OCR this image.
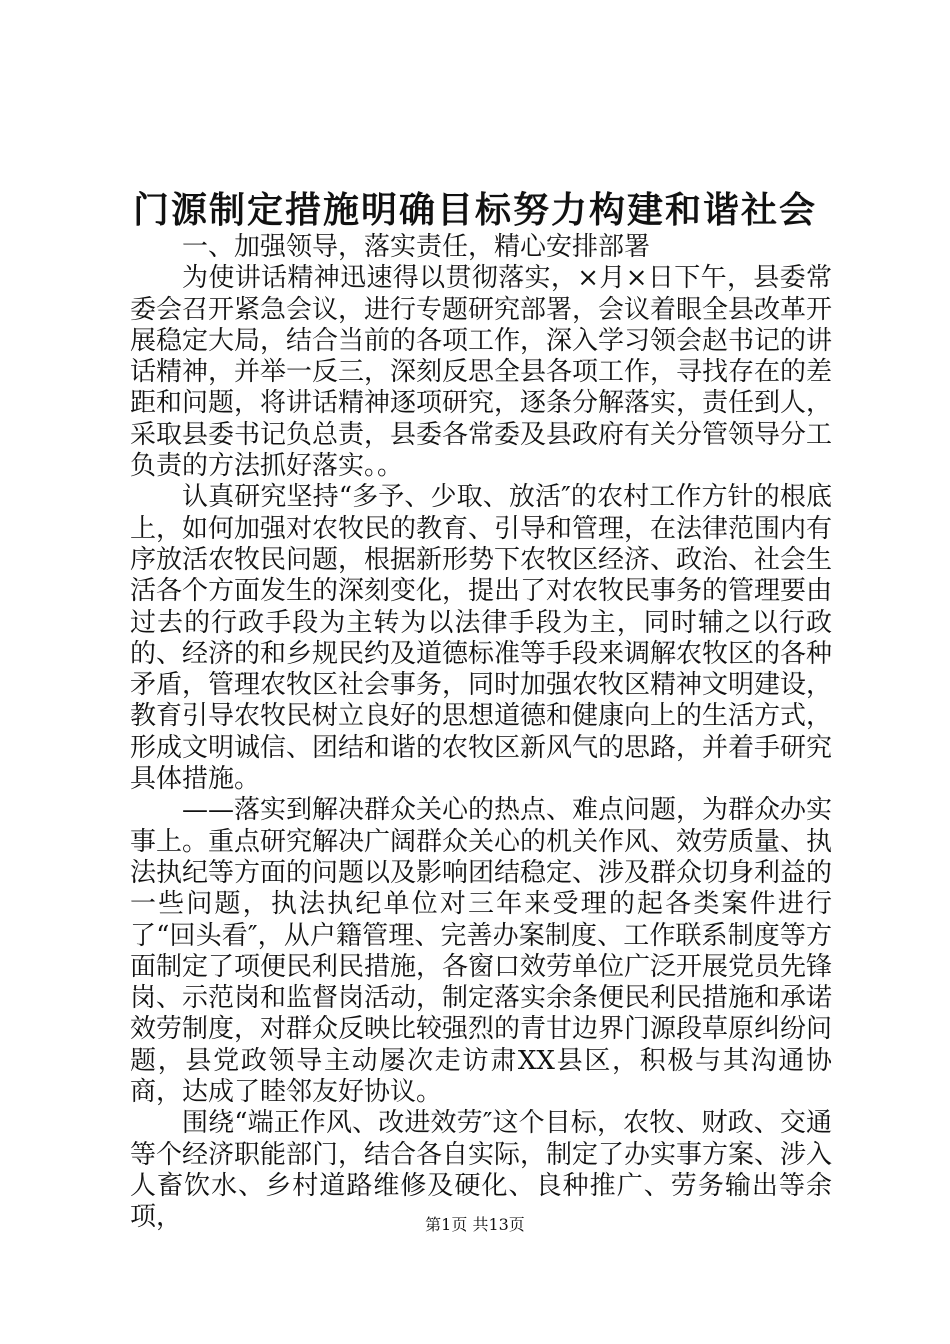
门源制定措施明确目标努力构建和谐社会

一、加强领导，落实责任，精心安排部署

为使讲话精神迅速得以贯彻落实，×月×日下午，县委常委会召开紧急会议，进行专题研究部署，会议着眼全县改革开展稳定大局，结合当前的各项工作，深入学习领会赵书记的讲话精神，并举一反三，深刻反思全县各项工作，寻找存在的差距和问题，将讲话精神逐项研究，逐条分解落实，责任到人，采取县委书记负总责，县委各常委及县政府有关分管领导分工负责的方法抓好落实。。

认真研究坚持“多予、少取、放活″的农村工作方针的根底上，如何加强对农牧民的教育、引导和管理，在法律范围内有序放活农牧民问题，根据新形势下农牧区经济、政治、社会生活各个方面发生的深刻变化，提出了对农牧民事务的管理要由过去的行政手段为主转为以法律手段为主，同时辅之以行政的、经济的和乡规民约及道德标准等手段来调解农牧区的各种矛盾，管理农牧区社会事务，同时加强农牧区精神文明建设，教育引导农牧民树立良好的思想道德和健康向上的生活方式，形成文明诚信、团结和谐的农牧区新风气的思路，并着手研究具体措施。

——落实到解决群众关心的热点、难点问题，为群众办实事上。重点研究解决广阔群众关心的机关作风、效劳质量、执法执纪等方面的问题以及影响团结稳定、涉及群众切身利益的一些问题，执法执纪单位对三年来受理的起各类案件进行了“回头看″，从户籍管理、完善办案制度、工作联系制度等方面制定了项便民利民措施，各窗口效劳单位广泛开展党员先锋岗、示范岗和监督岗活动，制定落实余条便民利民措施和承诺效劳制度，对群众反映比较强烈的青甘边界门源段草原纠纷问题，县党政领导主动屡次走访肃XX县区，积极与其沟通协商，达成了睦邻友好协议。

围绕“端正作风、改进效劳″这个目标，农牧、财政、交通等个经济职能部门，结合各自实际，制定了办实事方案、涉入人畜饮水、乡村道路维修及硬化、良种推广、劳务输出等余项，	第1页 共13页
